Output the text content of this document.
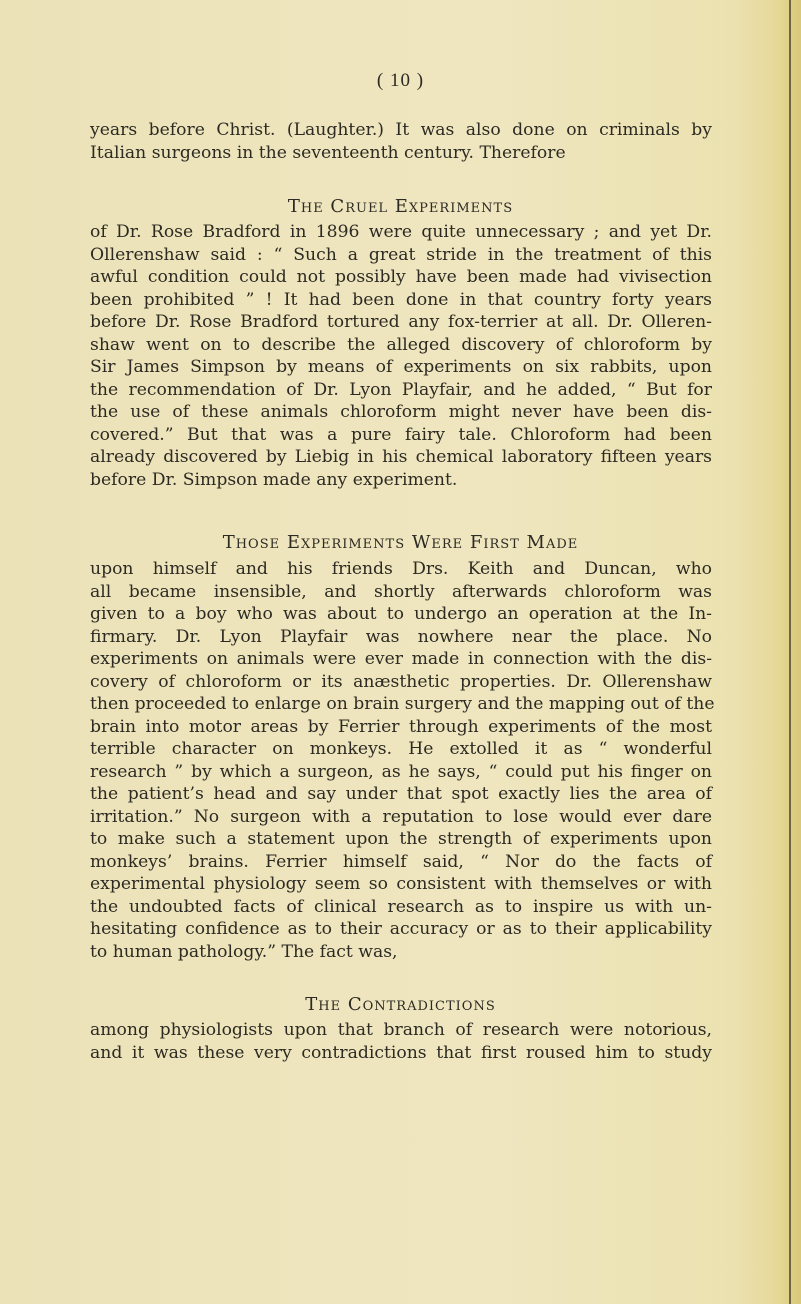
( 10 )
years before Christ. (Laughter.) It was also done on criminals by
Italian surgeons in the seventeenth century. Therefore
The Cruel Experiments
of Dr. Rose Bradford in 1896 were quite unnecessary ; and yet Dr.
Ollerenshaw said : “ Such a great stride in the treatment of this
awful condition could not possibly have been made had vivisection
been prohibited ” ! It had been done in that country forty years
before Dr. Rose Bradford tortured any fox-terrier at all. Dr. Olleren-
shaw went on to describe the alleged discovery of chloroform by
Sir James Simpson by means of experiments on six rabbits, upon
the recommendation of Dr. Lyon Playfair, and he added, “ But for
the use of these animals chloroform might never have been dis-
covered.” But that was a pure fairy tale. Chloroform had been
already discovered by Liebig in his chemical laboratory fifteen years
before Dr. Simpson made any experiment.
Those Experiments Were First Made
upon himself and his friends Drs. Keith and Duncan, who
all became insensible, and shortly afterwards chloroform was
given to a boy who was about to undergo an operation at the In-
firmary. Dr. Lyon Playfair was nowhere near the place. No
experiments on animals were ever made in connection with the dis-
covery of chloroform or its anæsthetic properties. Dr. Ollerenshaw
then proceeded to enlarge on brain surgery and the mapping out of the
brain into motor areas by Ferrier through experiments of the most
terrible character on monkeys. He extolled it as “ wonderful
research ” by which a surgeon, as he says, “ could put his finger on
the patient’s head and say under that spot exactly lies the area of
irritation.” No surgeon with a reputation to lose would ever dare
to make such a statement upon the strength of experiments upon
monkeys’ brains. Ferrier himself said, “ Nor do the facts of
experimental physiology seem so consistent with themselves or with
the undoubted facts of clinical research as to inspire us with un-
hesitating confidence as to their accuracy or as to their applicability
to human pathology.” The fact was,
The Contradictions
among physiologists upon that branch of research were notorious,
and it was these very contradictions that first roused him to study
